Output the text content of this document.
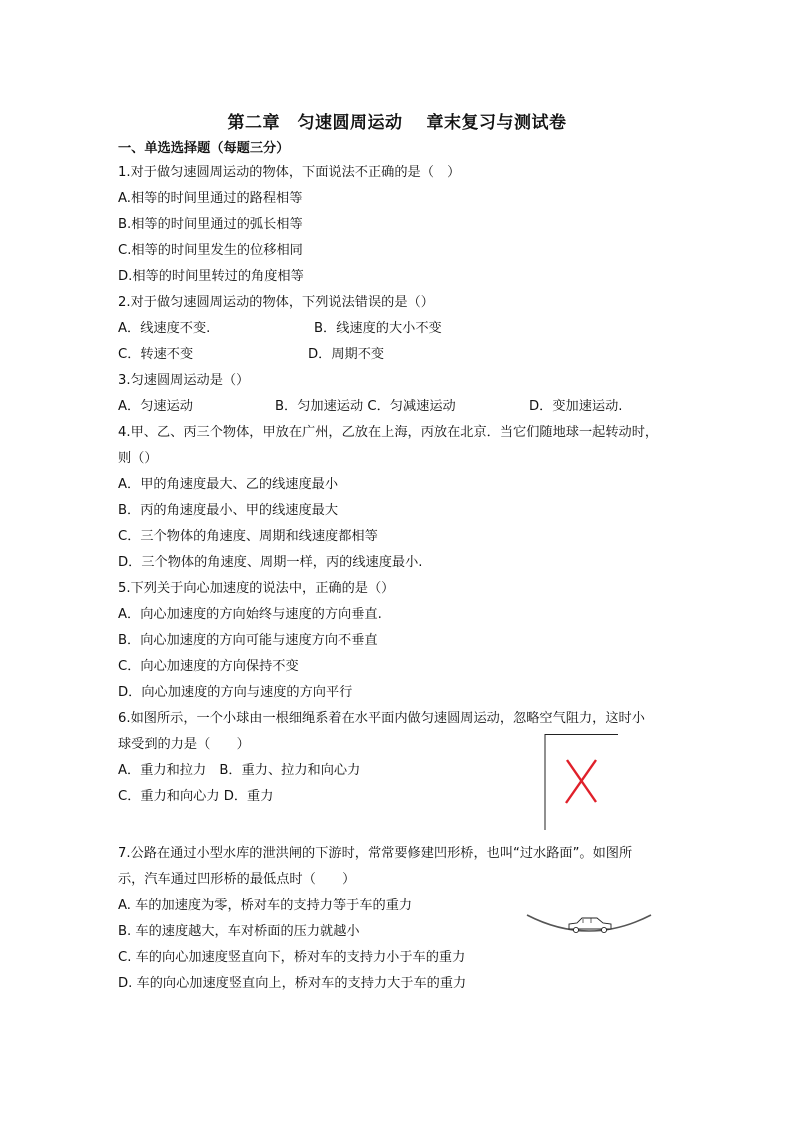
第二章　匀速圆周运动　 章末复习与测试卷
一、单选选择题（每题三分）
1.对于做匀速圆周运动的物体，下面说法不正确的是（　）
A.相等的时间里通过的路程相等
B.相等的时间里通过的弧长相等
C.相等的时间里发生的位移相同
D.相等的时间里转过的角度相等
2.对于做匀速圆周运动的物体，下列说法错误的是（）
A．线速度不变.	B．线速度的大小不变
C．转速不变	D．周期不变
3.匀速圆周运动是（）
A．匀速运动	B．匀加速运动 C．匀减速运动	D．变加速运动.
4.甲、乙、丙三个物体，甲放在广州，乙放在上海，丙放在北京．当它们随地球一起转动时，
则（）
A．甲的角速度最大、乙的线速度最小
B．丙的角速度最小、甲的线速度最大
C．三个物体的角速度、周期和线速度都相等
D．三个物体的角速度、周期一样，丙的线速度最小.
5.下列关于向心加速度的说法中，正确的是（）
A．向心加速度的方向始终与速度的方向垂直.
B．向心加速度的方向可能与速度方向不垂直
C．向心加速度的方向保持不变
D．向心加速度的方向与速度的方向平行
6.如图所示，一个小球由一根细绳系着在水平面内做匀速圆周运动，忽略空气阻力，这时小
球受到的力是（　　）
A．重力和拉力　B．重力、拉力和向心力
C．重力和向心力 D．重力
7.公路在通过小型水库的泄洪闸的下游时，常常要修建凹形桥，也叫“过水路面”。如图所
示，汽车通过凹形桥的最低点时（　　）
A. 车的加速度为零，桥对车的支持力等于车的重力
B. 车的速度越大，车对桥面的压力就越小
C. 车的向心加速度竖直向下，桥对车的支持力小于车的重力
D. 车的向心加速度竖直向上，桥对车的支持力大于车的重力
